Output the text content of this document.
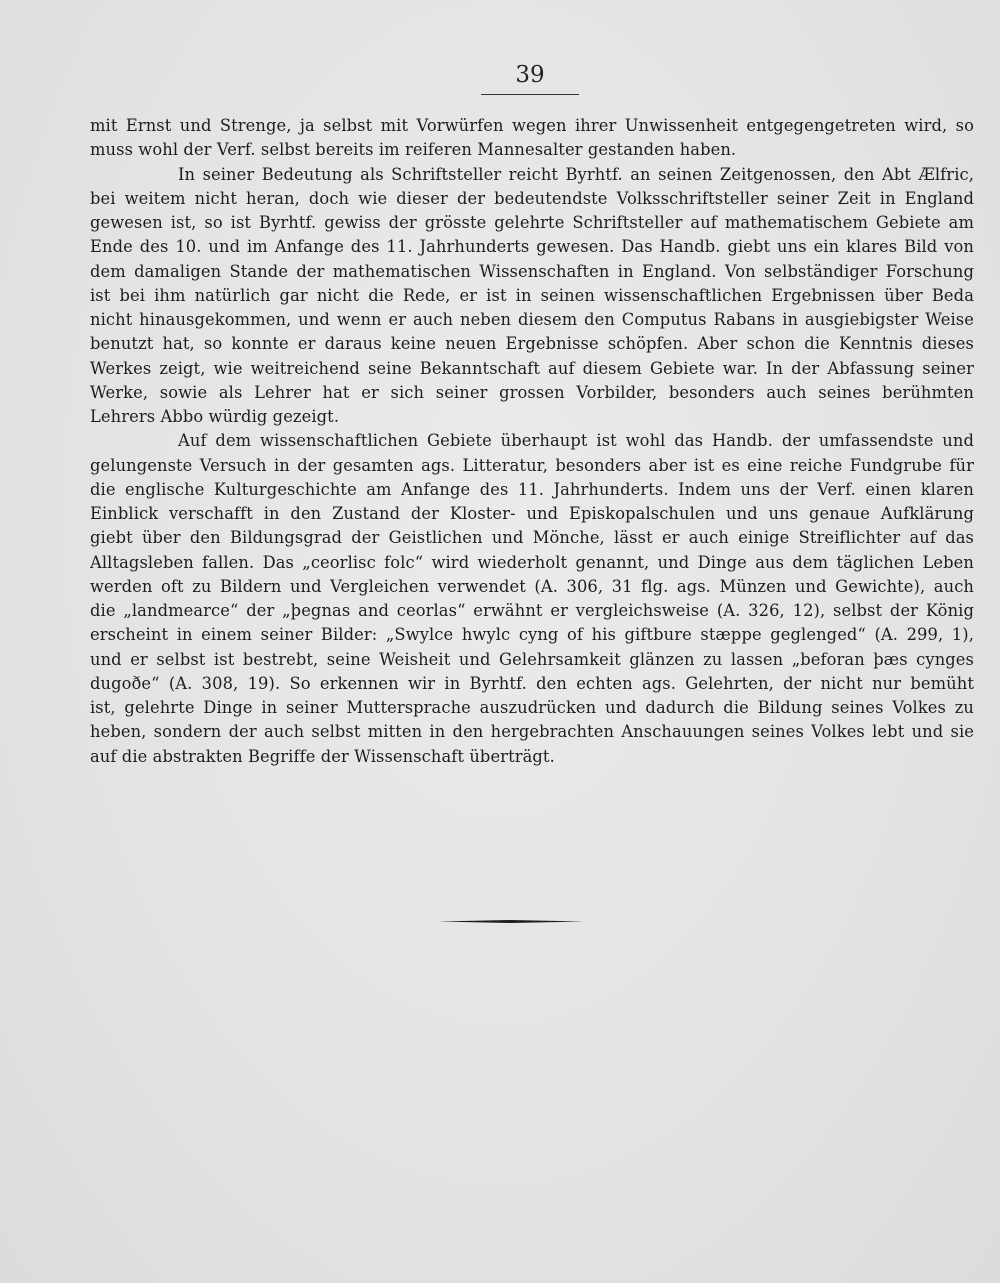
39
mit Ernst und Strenge, ja selbst mit Vorwürfen wegen ihrer Unwissenheit entgegengetreten wird, so
muss wohl der Verf. selbst bereits im reiferen Mannesalter gestanden haben.
In seiner Bedeutung als Schriftsteller reicht Byrhtf. an seinen Zeitgenossen, den Abt Ælfric,
bei weitem nicht heran, doch wie dieser der bedeutendste Volksschriftsteller seiner Zeit in England
gewesen ist, so ist Byrhtf. gewiss der grösste gelehrte Schriftsteller auf mathematischem Gebiete am
Ende des 10. und im Anfange des 11. Jahrhunderts gewesen. Das Handb. giebt uns ein klares Bild von
dem damaligen Stande der mathematischen Wissenschaften in England. Von selbständiger Forschung
ist bei ihm natürlich gar nicht die Rede, er ist in seinen wissenschaftlichen Ergebnissen über Beda
nicht hinausgekommen, und wenn er auch neben diesem den Computus Rabans in ausgiebigster Weise
benutzt hat, so konnte er daraus keine neuen Ergebnisse schöpfen. Aber schon die Kenntnis dieses
Werkes zeigt, wie weitreichend seine Bekanntschaft auf diesem Gebiete war. In der Abfassung seiner
Werke, sowie als Lehrer hat er sich seiner grossen Vorbilder, besonders auch seines berühmten
Lehrers Abbo würdig gezeigt.
Auf dem wissenschaftlichen Gebiete überhaupt ist wohl das Handb. der umfassendste und
gelungenste Versuch in der gesamten ags. Litteratur, besonders aber ist es eine reiche Fundgrube für
die englische Kulturgeschichte am Anfange des 11. Jahrhunderts. Indem uns der Verf. einen klaren
Einblick verschafft in den Zustand der Kloster- und Episkopalschulen und uns genaue Aufklärung
giebt über den Bildungsgrad der Geistlichen und Mönche, lässt er auch einige Streiflichter auf das
Alltagsleben fallen. Das „ceorlisc folc“ wird wiederholt genannt, und Dinge aus dem täglichen Leben
werden oft zu Bildern und Vergleichen verwendet (A. 306, 31 flg. ags. Münzen und Gewichte), auch
die „landmearce“ der „þegnas and ceorlas“ erwähnt er vergleichsweise (A. 326, 12), selbst der König
erscheint in einem seiner Bilder: „Swylce hwylc cyng of his giftbure stæppe geglenged“ (A. 299, 1),
und er selbst ist bestrebt, seine Weisheit und Gelehrsamkeit glänzen zu lassen „beforan þæs cynges
dugoðe“ (A. 308, 19). So erkennen wir in Byrhtf. den echten ags. Gelehrten, der nicht nur bemüht
ist, gelehrte Dinge in seiner Muttersprache auszudrücken und dadurch die Bildung seines Volkes zu
heben, sondern der auch selbst mitten in den hergebrachten Anschauungen seines Volkes lebt und sie
auf die abstrakten Begriffe der Wissenschaft überträgt.
